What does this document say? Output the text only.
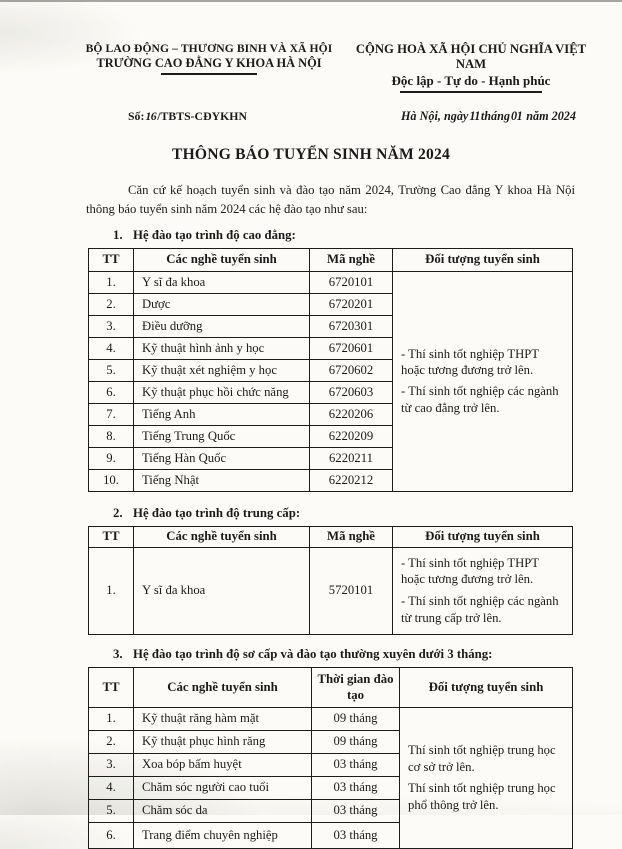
BỘ LAO ĐỘNG – THƯƠNG BINH VÀ XÃ HỘI
TRƯỜNG CAO ĐẲNG Y KHOA HÀ NỘI
CỘNG HOÀ XÃ HỘI CHỦ NGHĨA VIỆT NAM
Độc lập - Tự do - Hạnh phúc
Số:16/TBTS-CĐYKHN	Hà Nội, ngày11tháng01 năm 2024
THÔNG BÁO TUYỂN SINH NĂM 2024

Căn cứ kế hoạch tuyển sinh và đào tạo năm 2024, Trường Cao đẳng Y khoa Hà Nội thông báo tuyển sinh năm 2024 các hệ đào tạo như sau:

1. Hệ đào tạo trình độ cao đẳng:
TT	Các nghề tuyển sinh	Mã nghề	Đối tượng tuyển sinh
1.	Y sĩ đa khoa	6720101	- Thí sinh tốt nghiệp THPT hoặc tương đương trở lên.

- Thí sinh tốt nghiệp các ngành từ cao đẳng trở lên.

2.	Dược	6720201	
3.	Điều dưỡng	6720301	
4.	Kỹ thuật hình ảnh y học	6720601	
5.	Kỹ thuật xét nghiệm y học	6720602	
6.	Kỹ thuật phục hồi chức năng	6720603	
7.	Tiếng Anh	6220206	
8.	Tiếng Trung Quốc	6220209	
9.	Tiếng Hàn Quốc	6220211	
10.	Tiếng Nhật	6220212	
2. Hệ đào tạo trình độ trung cấp:
TT	Các nghề tuyển sinh	Mã nghề	Đối tượng tuyển sinh
1.	Y sĩ đa khoa	5720101	- Thí sinh tốt nghiệp THPT hoặc tương đương trở lên.

- Thí sinh tốt nghiệp các ngành từ trung cấp trở lên.

3. Hệ đào tạo trình độ sơ cấp và đào tạo thường xuyên dưới 3 tháng:
TT	Các nghề tuyển sinh	Thời gian đào tạo	Đối tượng tuyển sinh
1.	Kỹ thuật răng hàm mặt	09 tháng	Thí sinh tốt nghiệp trung học cơ sở trở lên.

Thí sinh tốt nghiệp trung học phổ thông trở lên.

2.	Kỹ thuật phục hình răng	09 tháng	
3.	Xoa bóp bấm huyệt	03 tháng	
4.	Chăm sóc người cao tuổi	03 tháng	
5.	Chăm sóc da	03 tháng	
6.	Trang điểm chuyên nghiệp	03 tháng	
